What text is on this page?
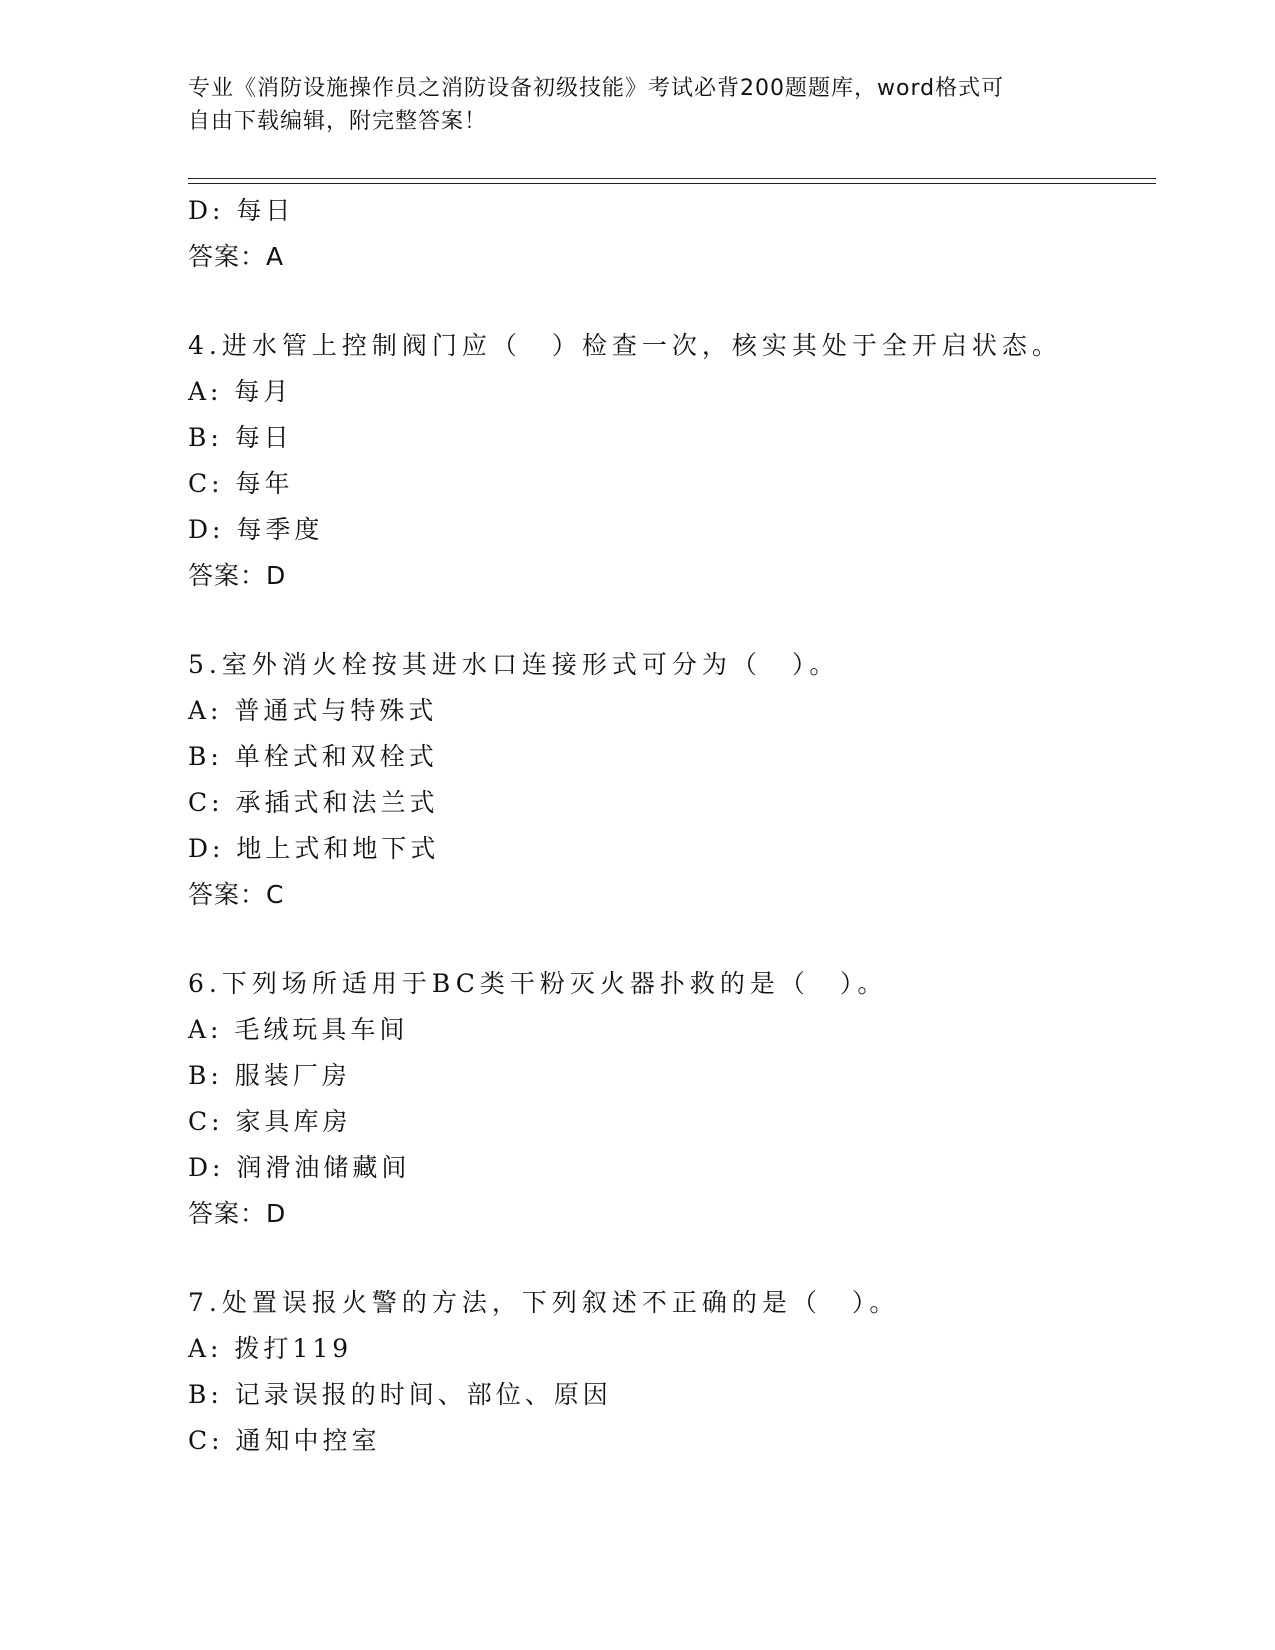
专业《消防设施操作员之消防设备初级技能》考试必背200题题库，word格式可
自由下载编辑，附完整答案！
D: 每日
答案：A
4.进水管上控制阀门应（　）检查一次，核实其处于全开启状态。
A: 每月
B: 每日
C: 每年
D: 每季度
答案：D
5.室外消火栓按其进水口连接形式可分为（　）。
A: 普通式与特殊式
B: 单栓式和双栓式
C: 承插式和法兰式
D: 地上式和地下式
答案：C
6.下列场所适用于BC类干粉灭火器扑救的是（　）。
A: 毛绒玩具车间
B: 服装厂房
C: 家具库房
D: 润滑油储藏间
答案：D
7.处置误报火警的方法，下列叙述不正确的是（　）。
A: 拨打119
B: 记录误报的时间、部位、原因
C: 通知中控室
